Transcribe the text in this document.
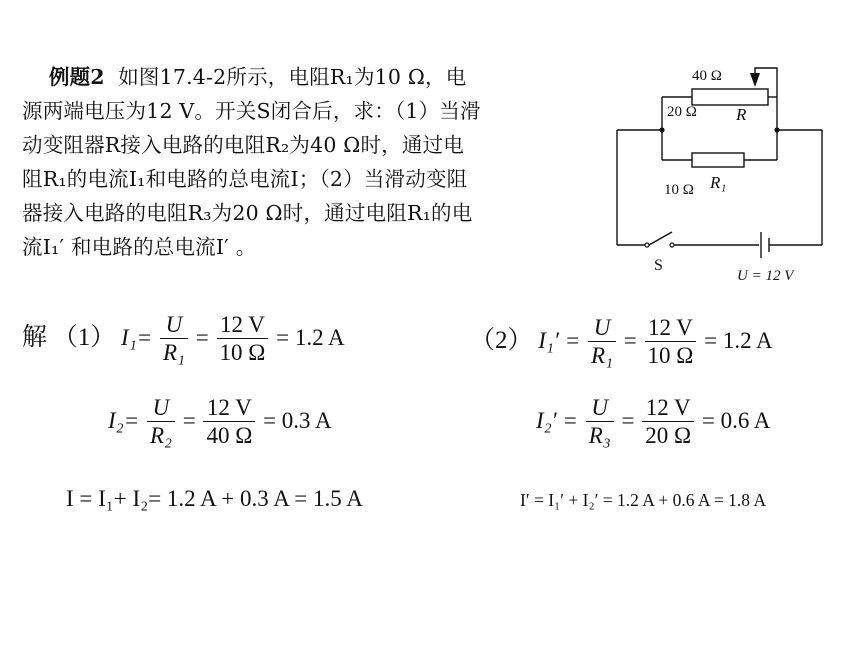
例题2 如图17.4-2所示，电阻R₁为10 Ω，电
源两端电压为12 V。开关S闭合后，求：（1）当滑
动变阻器R接入电路的电阻R₂为40 Ω时，通过电
阻R₁的电流I₁和电路的总电流I；（2）当滑动变阻
器接入电路的电阻R₃为20 Ω时，通过电阻R₁的电
流I₁′ 和电路的总电流I′ 。
40 Ω
20 Ω R
10 Ω R₁
S
U = 12 V
解 （1） $I_1= \frac{U}{\text{R₁}} = \frac{12 V}{10 \Omega} = 1.2$ A
$I_2= \frac{U}{\text{R₂}} = \frac{12 V}{40 \Omega} = 0.3$ A
I = I₁+ I₂= 1.2 A + 0.3 A = 1.5 A
（2） $I_1' = \frac{U}{\text{R₁}} = \frac{12 V}{10 \Omega} = 1.2$ A
$I_2' = \frac{U}{\text{R₃}} = \frac{12 V}{20 \Omega} = 0.6$ A
I′ = I₁′ + I₂′ = 1.2 A + 0.6 A = 1.8 A
